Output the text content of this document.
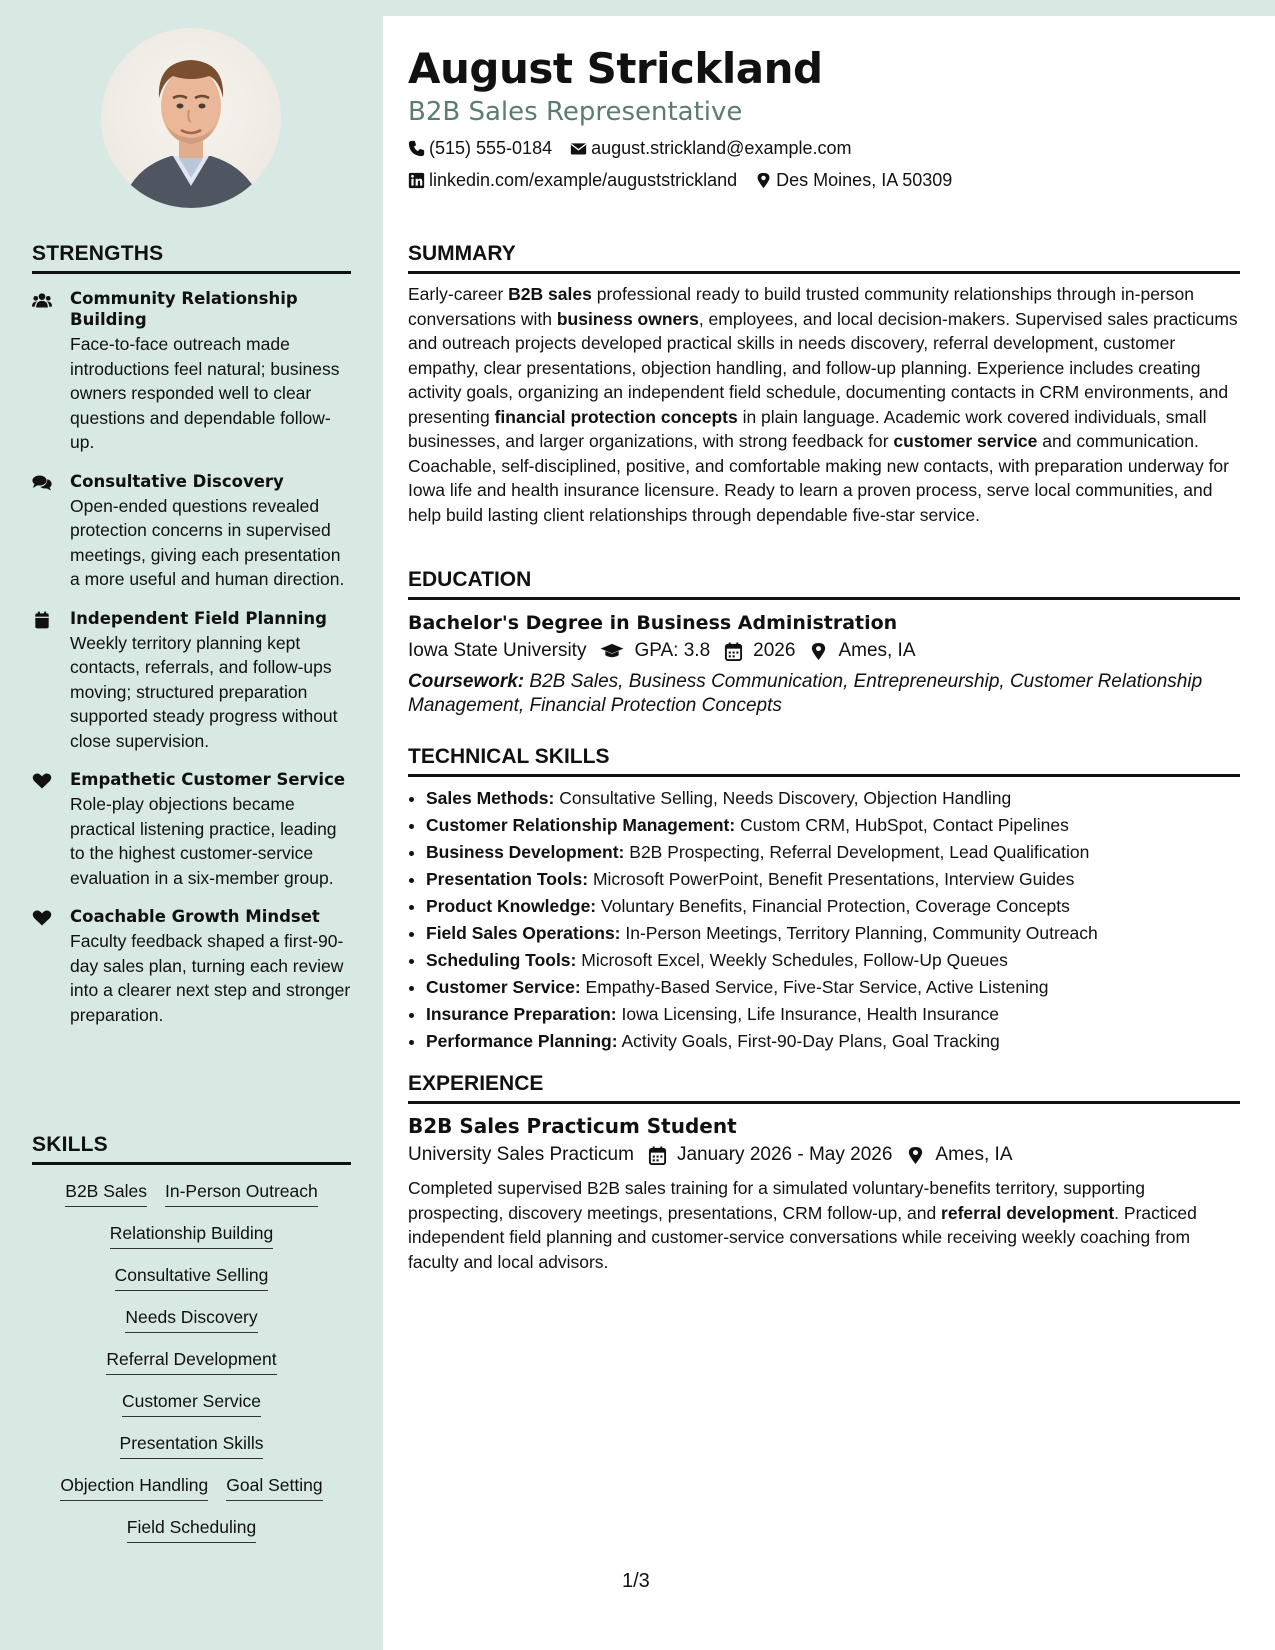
STRENGTHS
Community Relationship Building
Face-to-face outreach made introductions feel natural; business owners responded well to clear questions and dependable follow-up.
Consultative Discovery
Open-ended questions revealed protection concerns in supervised meetings, giving each presentation a more useful and human direction.
Independent Field Planning
Weekly territory planning kept contacts, referrals, and follow-ups moving; structured preparation supported steady progress without close supervision.
Empathetic Customer Service
Role-play objections became practical listening practice, leading to the highest customer-service evaluation in a six-member group.
Coachable Growth Mindset
Faculty feedback shaped a first-90-day sales plan, turning each review into a clearer next step and stronger preparation.
SKILLS
B2B Sales In-Person Outreach
Relationship Building
Consultative Selling
Needs Discovery
Referral Development
Customer Service
Presentation Skills
Objection Handling Goal Setting
Field Scheduling
August Strickland
B2B Sales Representative
(515) 555-0184 august.strickland@example.com
linkedin.com/example/auguststrickland Des Moines, IA 50309
SUMMARY
Early-career B2B sales professional ready to build trusted community relationships through in-person conversations with business owners, employees, and local decision-makers. Supervised sales practicums and outreach projects developed practical skills in needs discovery, referral development, customer empathy, clear presentations, objection handling, and follow-up planning. Experience includes creating activity goals, organizing an independent field schedule, documenting contacts in CRM environments, and presenting financial protection concepts in plain language. Academic work covered individuals, small businesses, and larger organizations, with strong feedback for customer service and communication. Coachable, self-disciplined, positive, and comfortable making new contacts, with preparation underway for Iowa life and health insurance licensure. Ready to learn a proven process, serve local communities, and help build lasting client relationships through dependable five-star service.
EDUCATION
Bachelor's Degree in Business Administration
Iowa State University	GPA: 3.8 2026 Ames, IA
Coursework: B2B Sales, Business Communication, Entrepreneurship, Customer Relationship Management, Financial Protection Concepts
TECHNICAL SKILLS
• Sales Methods: Consultative Selling, Needs Discovery, Objection Handling
• Customer Relationship Management: Custom CRM, HubSpot, Contact Pipelines
• Business Development: B2B Prospecting, Referral Development, Lead Qualification
• Presentation Tools: Microsoft PowerPoint, Benefit Presentations, Interview Guides
• Product Knowledge: Voluntary Benefits, Financial Protection, Coverage Concepts
• Field Sales Operations: In-Person Meetings, Territory Planning, Community Outreach
• Scheduling Tools: Microsoft Excel, Weekly Schedules, Follow-Up Queues
• Customer Service: Empathy-Based Service, Five-Star Service, Active Listening
• Insurance Preparation: Iowa Licensing, Life Insurance, Health Insurance
• Performance Planning: Activity Goals, First-90-Day Plans, Goal Tracking
EXPERIENCE
B2B Sales Practicum Student
University Sales Practicum January 2026 - May 2026 Ames, IA
Completed supervised B2B sales training for a simulated voluntary-benefits territory, supporting prospecting, discovery meetings, presentations, CRM follow-up, and referral development. Practiced independent field planning and customer-service conversations while receiving weekly coaching from faculty and local advisors.
1/3
